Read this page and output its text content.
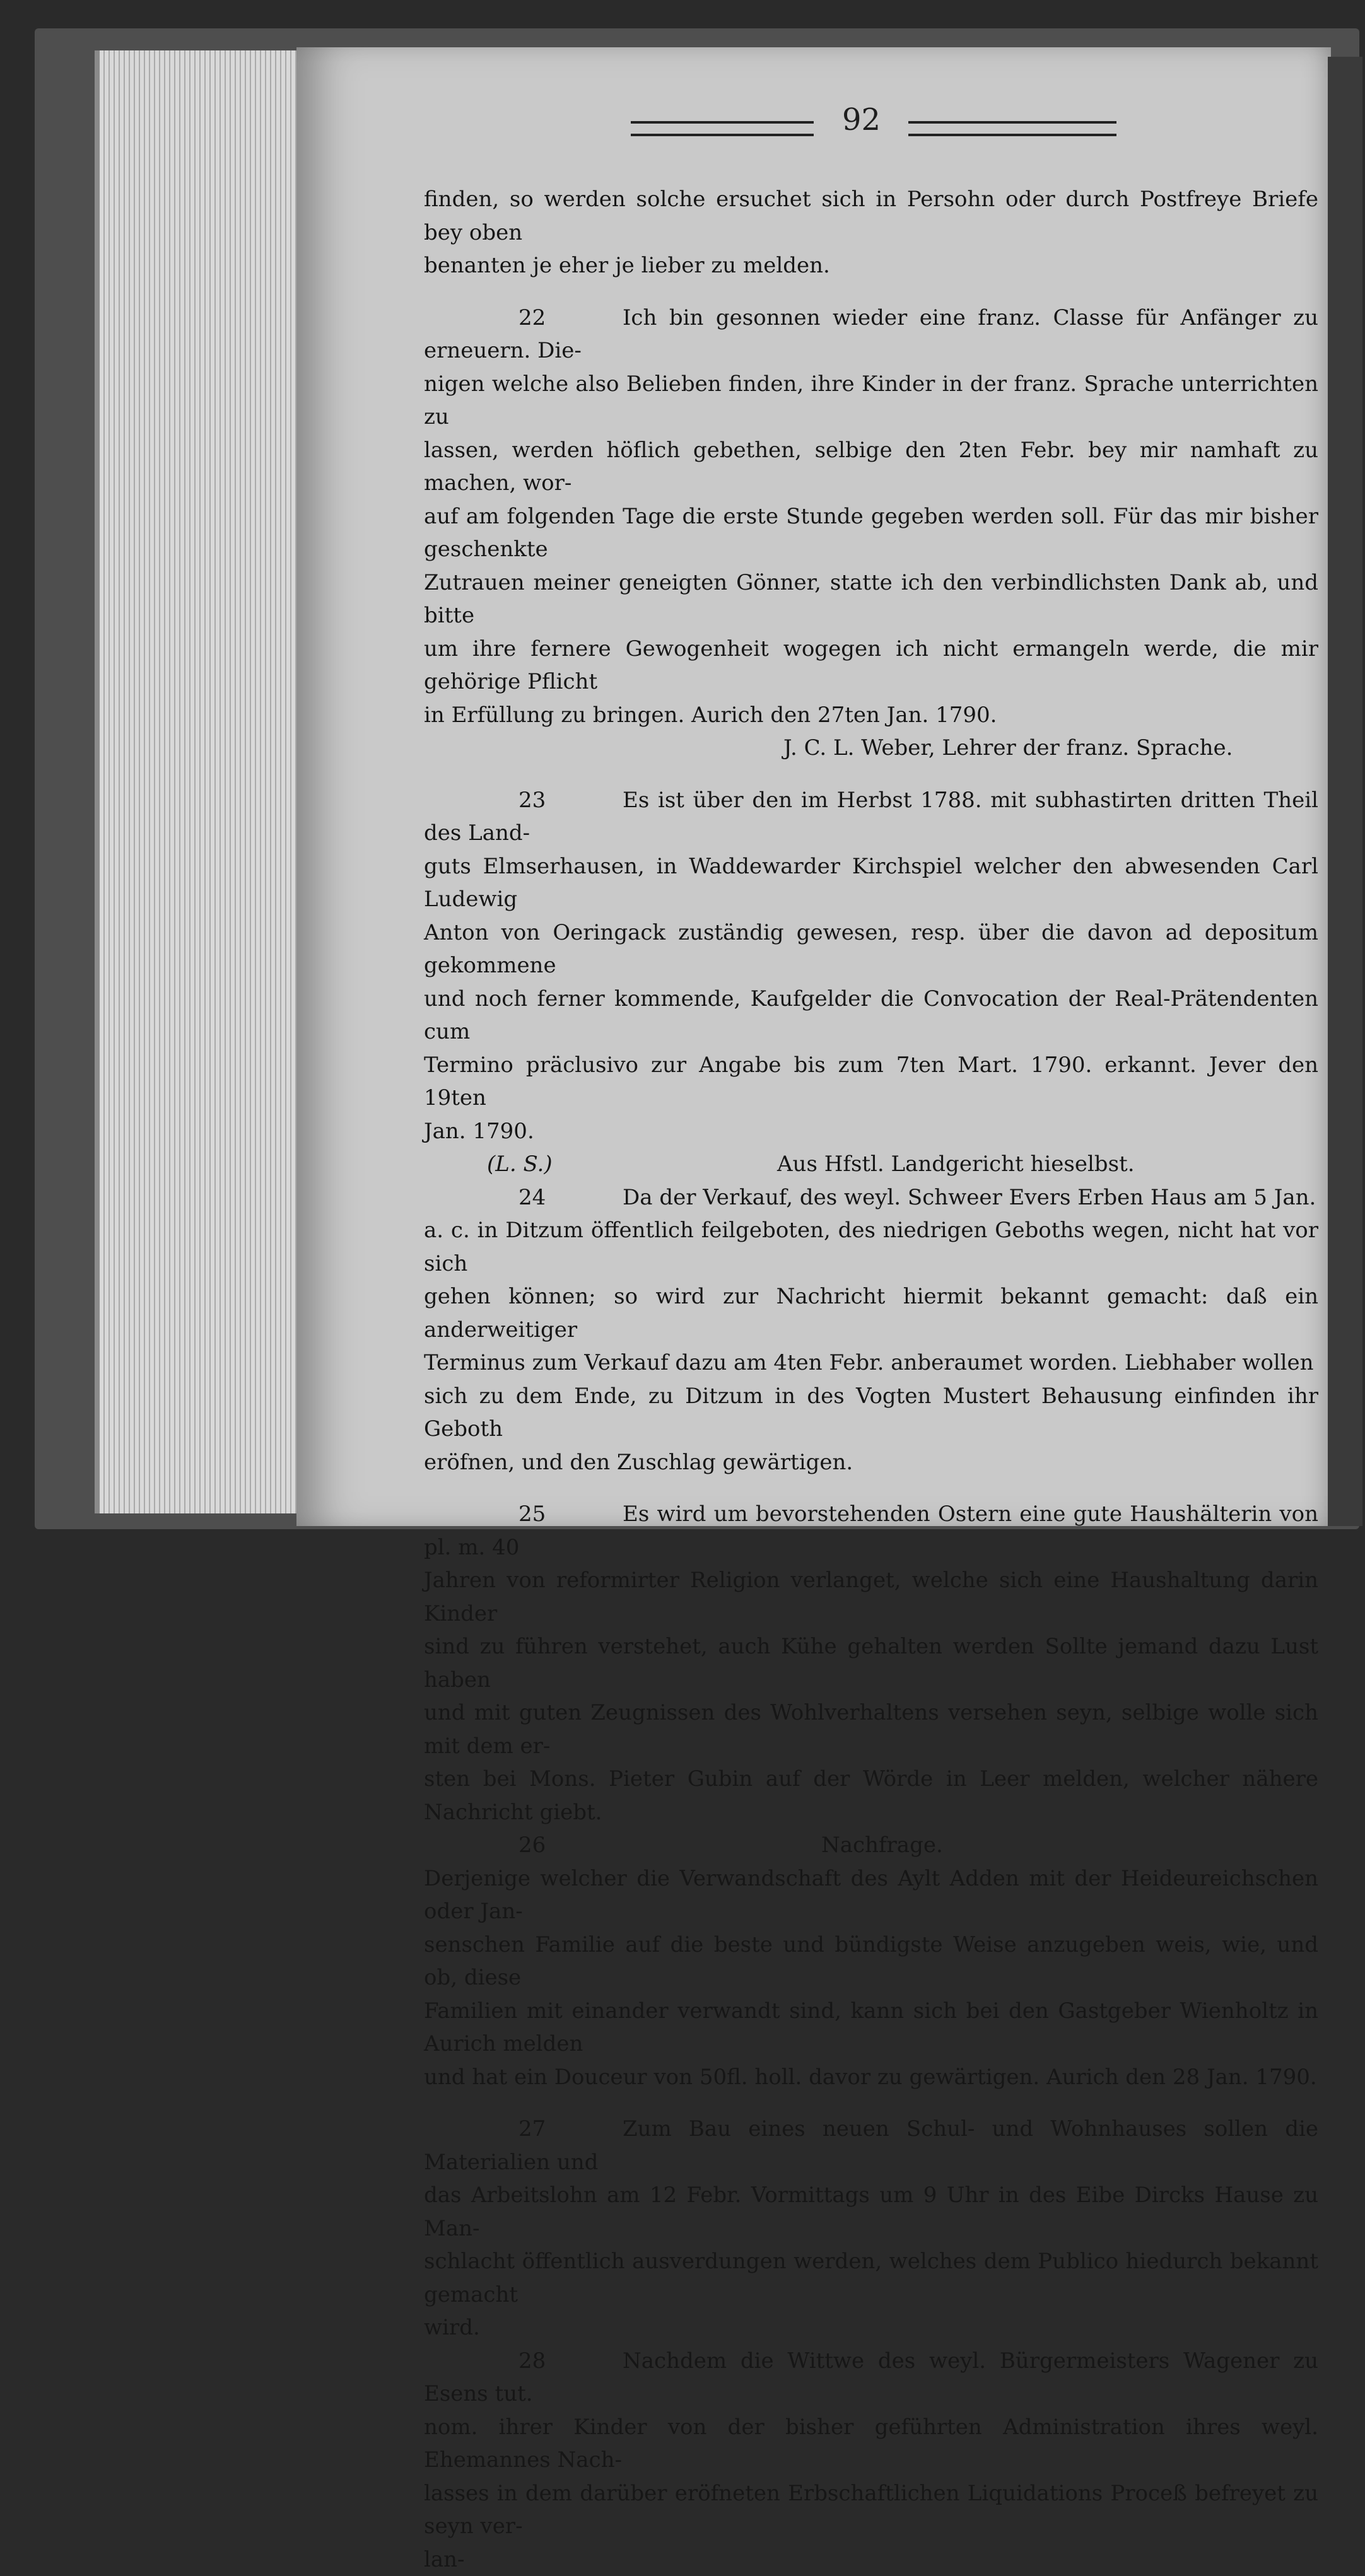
92

finden, so werden solche ersuchet sich in Persohn oder durch Postfreye Briefe bey oben

benanten je eher je lieber zu melden.

22	Ich bin gesonnen wieder eine franz. Classe für Anfänger zu erneuern. Die-

nigen welche also Belieben finden, ihre Kinder in der franz. Sprache unterrichten zu

lassen, werden höflich gebethen, selbige den 2ten Febr. bey mir namhaft zu machen, wor-

auf am folgenden Tage die erste Stunde gegeben werden soll. Für das mir bisher geschenkte

Zutrauen meiner geneigten Gönner, statte ich den verbindlichsten Dank ab, und bitte

um ihre fernere Gewogenheit wogegen ich nicht ermangeln werde, die mir gehörige Pflicht

in Erfüllung zu bringen. Aurich den 27ten Jan. 1790.

J. C. L. Weber, Lehrer der franz. Sprache.

23	Es ist über den im Herbst 1788. mit subhastirten dritten Theil des Land-

guts Elmserhausen, in Waddewarder Kirchspiel welcher den abwesenden Carl Ludewig

Anton von Oeringack zuständig gewesen, resp. über die davon ad depositum gekommene

und noch ferner kommende, Kaufgelder die Convocation der Real-Prätendenten cum

Termino präclusivo zur Angabe bis zum 7ten Mart. 1790. erkannt. Jever den 19ten

Jan. 1790.

(L. S.)	Aus Hfstl. Landgericht hieselbst.

24	Da der Verkauf, des weyl. Schweer Evers Erben Haus am 5 Jan.

a. c. in Ditzum öffentlich feilgeboten, des niedrigen Geboths wegen, nicht hat vor sich

gehen können; so wird zur Nachricht hiermit bekannt gemacht: daß ein anderweitiger

Terminus zum Verkauf dazu am 4ten Febr. anberaumet worden. Liebhaber wollen

sich zu dem Ende, zu Ditzum in des Vogten Mustert Behausung einfinden ihr Geboth

eröfnen, und den Zuschlag gewärtigen.

25	Es wird um bevorstehenden Ostern eine gute Haushälterin von pl. m. 40

Jahren von reformirter Religion verlanget, welche sich eine Haushaltung darin Kinder

sind zu führen verstehet, auch Kühe gehalten werden Sollte jemand dazu Lust haben

und mit guten Zeugnissen des Wohlverhaltens versehen seyn, selbige wolle sich mit dem er-

sten bei Mons. Pieter Gubin auf der Wörde in Leer melden, welcher nähere Nachricht giebt.

26	Nachfrage.

Derjenige welcher die Verwandschaft des Aylt Adden mit der Heideureichschen oder Jan-

senschen Familie auf die beste und bündigste Weise anzugeben weis, wie, und ob, diese

Familien mit einander verwandt sind, kann sich bei den Gastgeber Wienholtz in Aurich melden

und hat ein Douceur von 50fl. holl. davor zu gewärtigen. Aurich den 28 Jan. 1790.

27	Zum Bau eines neuen Schul- und Wohnhauses sollen die Materialien und

das Arbeitslohn am 12 Febr. Vormittags um 9 Uhr in des Eibe Dircks Hause zu Man-

schlacht öffentlich ausverdungen werden, welches dem Publico hiedurch bekannt gemacht

wird.

28	Nachdem die Wittwe des weyl. Bürgermeisters Wagener zu Esens tut.

nom. ihrer Kinder von der bisher geführten Administration ihres weyl. Ehemannes Nach-

lasses in dem darüber eröfneten Erbschaftlichen Liquidations Proceß befreyet zu seyn ver-

lan-
